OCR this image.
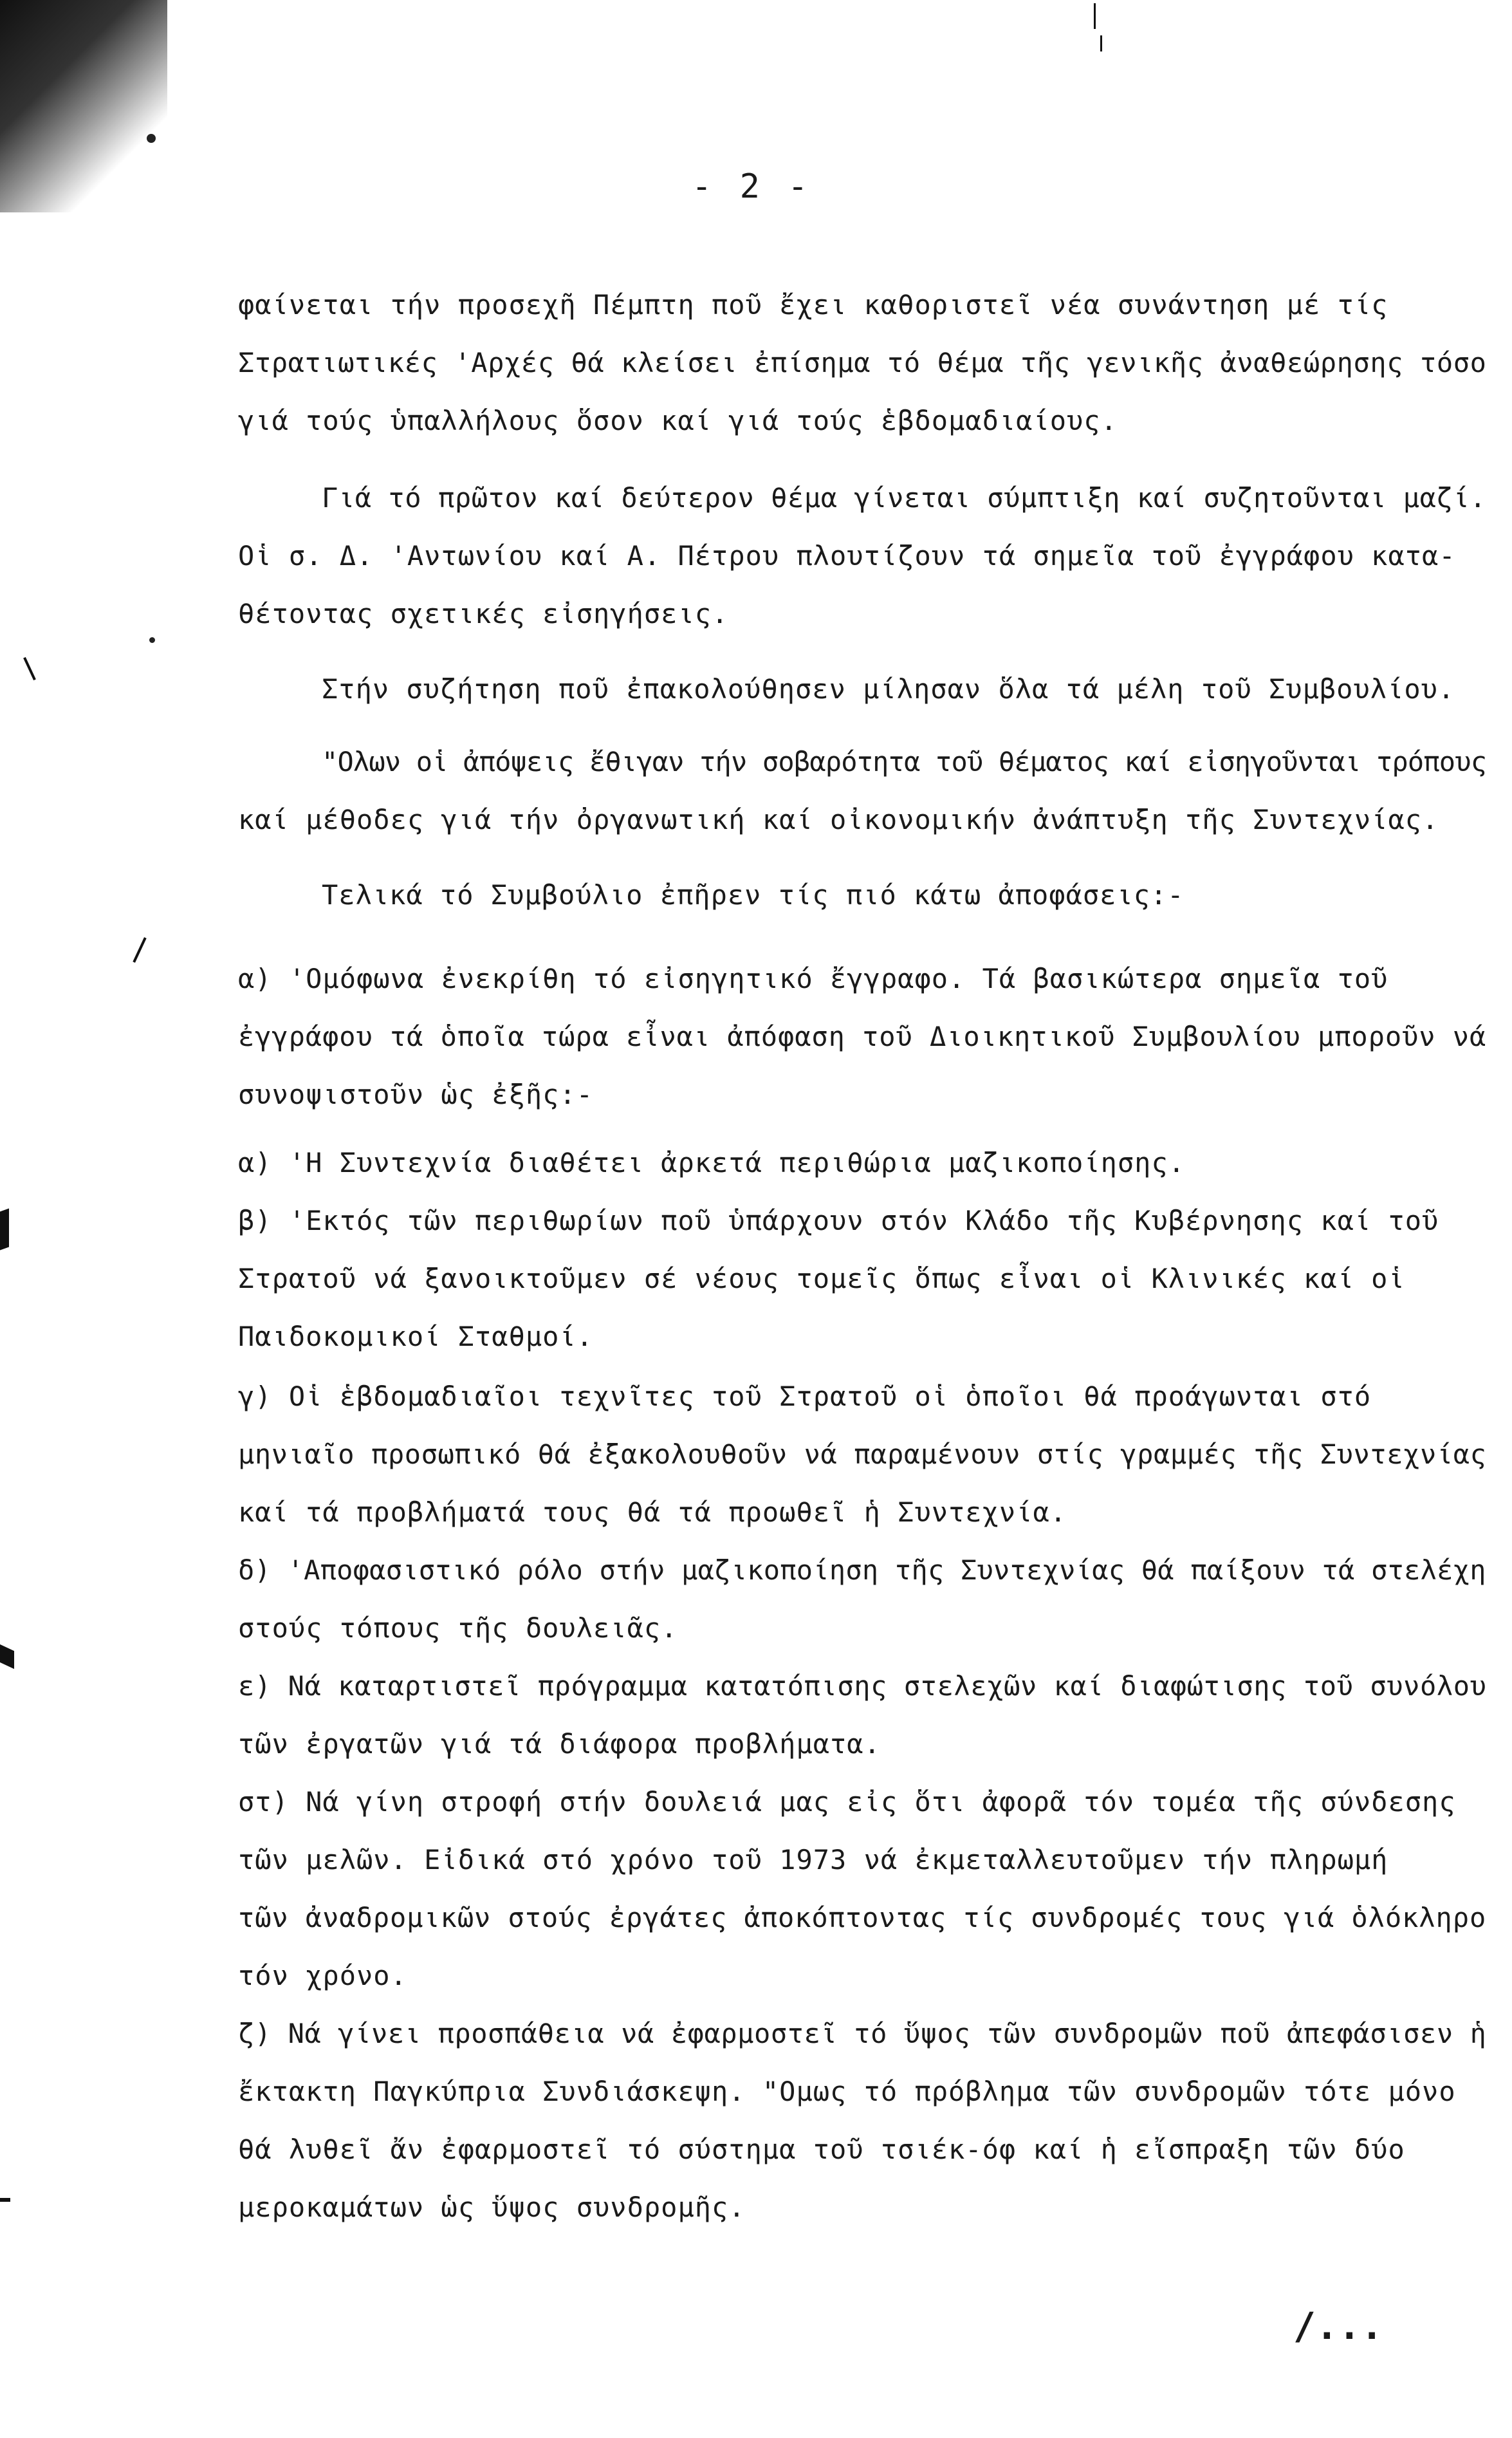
- 2 -
φαίνεται τήν προσεχῆ Πέμπτη ποῦ ἔχει καθοριστεῖ νέα συνάντηση μέ τίς
Στρατιωτικές 'Αρχές θά κλείσει ἐπίσημα τό θέμα τῆς γενικῆς ἀναθεώρησης τόσο
γιά τούς ὑπαλλήλους ὅσον καί γιά τούς ἑβδομαδιαίους.
Γιά τό πρῶτον καί δεύτερον θέμα γίνεται σύμπτιξη καί συζητοῦνται μαζί.
Οἱ σ. Δ. 'Αντωνίου καί Α. Πέτρου πλουτίζουν τά σημεῖα τοῦ ἐγγράφου κατα-
θέτοντας σχετικές εἰσηγήσεις.
Στήν συζήτηση ποῦ ἐπακολούθησεν μίλησαν ὅλα τά μέλη τοῦ Συμβουλίου.
"Ολων οἱ ἀπόψεις ἔθιγαν τήν σοβαρότητα τοῦ θέματος καί εἰσηγοῦνται τρόπους
καί μέθοδες γιά τήν ὀργανωτική καί οἰκονομικήν ἀνάπτυξη τῆς Συντεχνίας.
Τελικά τό Συμβούλιο ἐπῆρεν τίς πιό κάτω ἀποφάσεις:-
α) 'Ομόφωνα ἐνεκρίθη τό εἰσηγητικό ἔγγραφο. Τά βασικώτερα σημεῖα τοῦ
ἐγγράφου τά ὁποῖα τώρα εἶναι ἀπόφαση τοῦ Διοικητικοῦ Συμβουλίου μποροῦν νά
συνοψιστοῦν ὡς ἐξῆς:-
α) 'Η Συντεχνία διαθέτει ἀρκετά περιθώρια μαζικοποίησης.
β) 'Εκτός τῶν περιθωρίων ποῦ ὑπάρχουν στόν Κλάδο τῆς Κυβέρνησης καί τοῦ
Στρατοῦ νά ξανοικτοῦμεν σέ νέους τομεῖς ὅπως εἶναι οἱ Κλινικές καί οἱ
Παιδοκομικοί Σταθμοί.
γ) Οἱ ἑβδομαδιαῖοι τεχνῖτες τοῦ Στρατοῦ οἱ ὁποῖοι θά προάγωνται στό
μηνιαῖο προσωπικό θά ἐξακολουθοῦν νά παραμένουν στίς γραμμές τῆς Συντεχνίας
καί τά προβλήματά τους θά τά προωθεῖ ἡ Συντεχνία.
δ) 'Αποφασιστικό ρόλο στήν μαζικοποίηση τῆς Συντεχνίας θά παίξουν τά στελέχη
στούς τόπους τῆς δουλειᾶς.
ε) Νά καταρτιστεῖ πρόγραμμα κατατόπισης στελεχῶν καί διαφώτισης τοῦ συνόλου
τῶν ἐργατῶν γιά τά διάφορα προβλήματα.
στ) Νά γίνη στροφή στήν δουλειά μας εἰς ὅτι ἀφορᾶ τόν τομέα τῆς σύνδεσης
τῶν μελῶν. Εἰδικά στό χρόνο τοῦ 1973 νά ἐκμεταλλευτοῦμεν τήν πληρωμή
τῶν ἀναδρομικῶν στούς ἐργάτες ἀποκόπτοντας τίς συνδρομές τους γιά ὁλόκληρο
τόν χρόνο.
ζ) Νά γίνει προσπάθεια νά ἐφαρμοστεῖ τό ὕψος τῶν συνδρομῶν ποῦ ἀπεφάσισεν ἡ
ἔκτακτη Παγκύπρια Συνδιάσκεψη. "Ομως τό πρόβλημα τῶν συνδρομῶν τότε μόνο
θά λυθεῖ ἄν ἐφαρμοστεῖ τό σύστημα τοῦ τσιέκ-όφ καί ἡ εἴσπραξη τῶν δύο
μεροκαμάτων ὡς ὕψος συνδρομῆς.
/...
